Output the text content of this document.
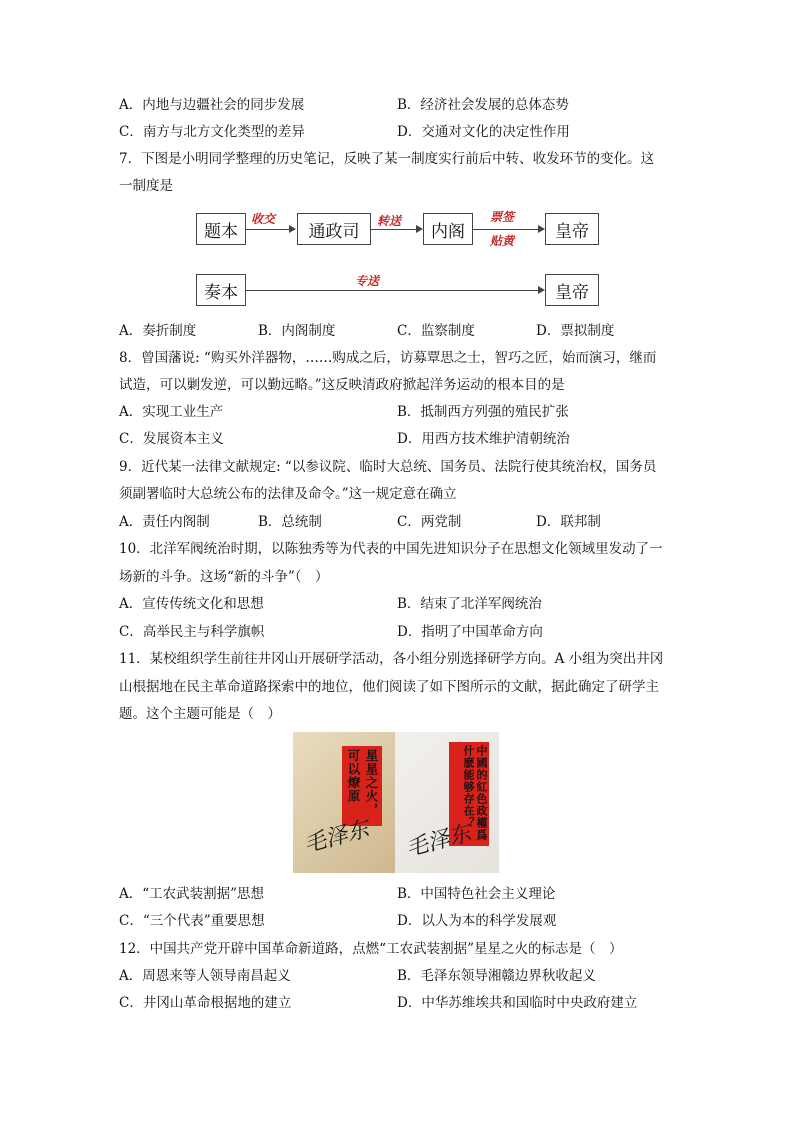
A．内地与边疆社会的同步发展	B．经济社会发展的总体态势
C．南方与北方文化类型的差异	D．交通对文化的决定性作用
7．下图是小明同学整理的历史笔记，反映了某一制度实行前后中转、收发环节的变化。这
一制度是
题本
收交
通政司
转送
内阁
票签
贴黄	皇帝
奏本
专送
皇帝
A．奏折制度	B．内阁制度	C．监察制度	D．票拟制度
8．曾国藩说: “购买外洋器物，……购成之后，访募覃思之士，智巧之匠，始而演习，继而
试造，可以剿发逆，可以勤远略。”这反映清政府掀起洋务运动的根本目的是
A．实现工业生产	B．抵制西方列强的殖民扩张
C．发展资本主义	D．用西方技术维护清朝统治
9．近代某一法律文献规定: “以参议院、临时大总统、国务员、法院行使其统治权，国务员
须副署临时大总统公布的法律及命令。”这一规定意在确立
A．责任内阁制	B．总统制	C．两党制	D．联邦制
10．北洋军阀统治时期，以陈独秀等为代表的中国先进知识分子在思想文化领域里发动了一
场新的斗争。这场“新的斗争”（　）
A．宣传传统文化和思想	B．结束了北洋军阀统治
C．高举民主与科学旗帜	D．指明了中国革命方向
11．某校组织学生前往井冈山开展研学活动，各小组分别选择研学方向。A 小组为突出井冈
山根据地在民主革命道路探索中的地位，他们阅读了如下图所示的文献，据此确定了研学主
题。这个主题可能是（　）
星星之火，可以燎原
毛泽东	中國的紅色政權爲什麽能够存在？
毛泽东
A．“工农武装割据”思想	B．中国特色社会主义理论
C．“三个代表”重要思想	D．以人为本的科学发展观
12．中国共产党开辟中国革命新道路，点燃“工农武装割据”星星之火的标志是（　）
A．周恩来等人领导南昌起义	B．毛泽东领导湘赣边界秋收起义
C．井冈山革命根据地的建立	D．中华苏维埃共和国临时中央政府建立
